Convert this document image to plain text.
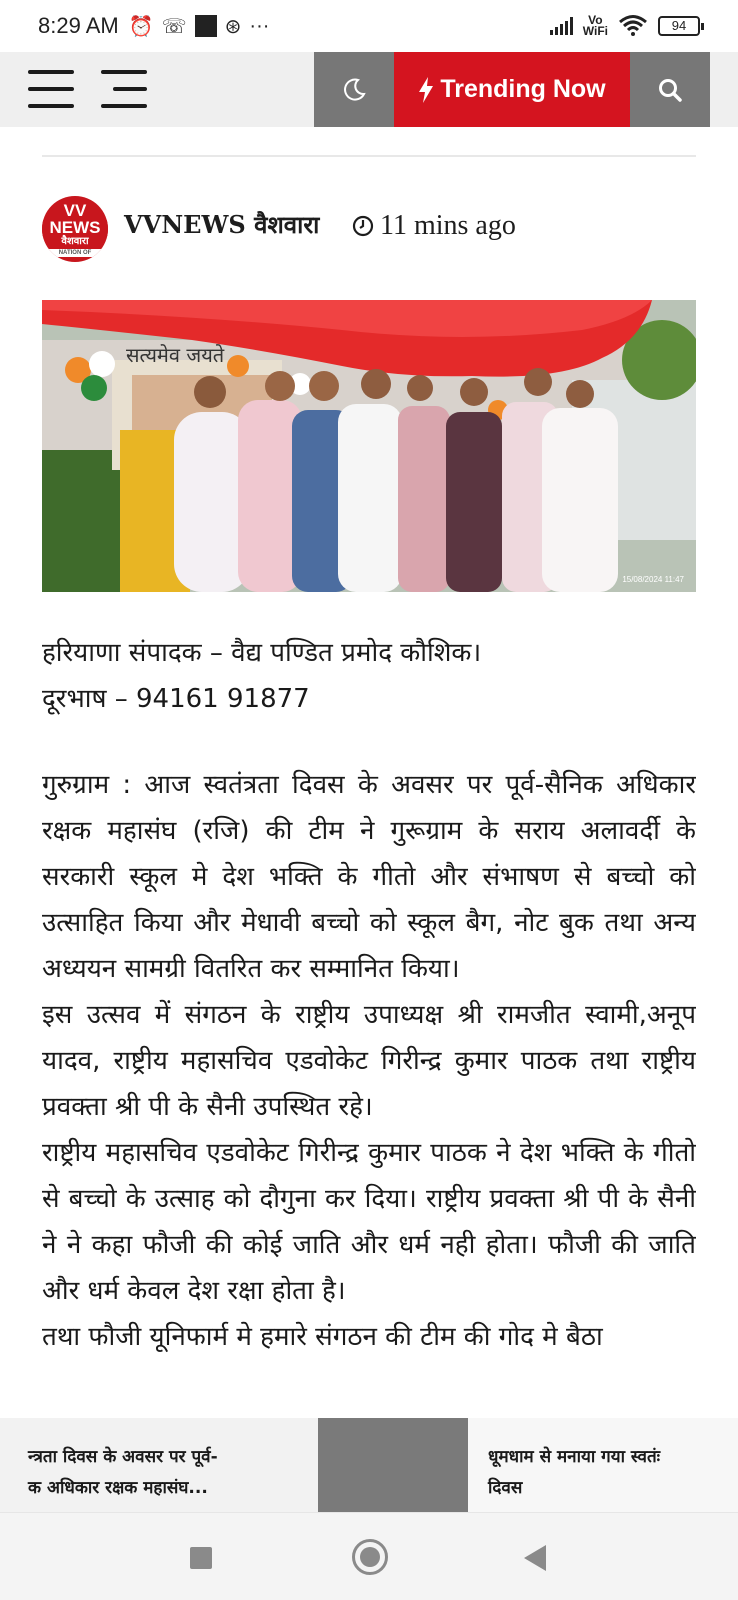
8:29 AM ⏰ ☏ ⊛ ···	Vo
WiFi	94
Trending Now
VV
NEWS
वैशवारा
NATION OF
VVNEWS वैशवारा 11 mins ago
सत्यमेव जयते
15/08/2024 11:47
हरियाणा संपादक – वैद्य पण्डित प्रमोद कौशिक।
दूरभाष – 94161 91877

गुरुग्राम : आज स्वतंत्रता दिवस के अवसर पर पूर्व-सैनिक अधिकार रक्षक महासंघ (रजि) की टीम ने गुरूग्राम के सराय अलावर्दी के सरकारी स्कूल मे देश भक्ति के गीतो और संभाषण से बच्चो को उत्साहित किया और मेधावी बच्चो को स्कूल बैग, नोट बुक तथा अन्य अध्ययन सामग्री वितरित कर सम्मानित किया।

इस उत्सव में संगठन के राष्ट्रीय उपाध्यक्ष श्री रामजीत स्वामी,अनूप यादव, राष्ट्रीय महासचिव एडवोकेट गिरीन्द्र कुमार पाठक तथा राष्ट्रीय प्रवक्ता श्री पी के सैनी उपस्थित रहे।

राष्ट्रीय महासचिव एडवोकेट गिरीन्द्र कुमार पाठक ने देश भक्ति के गीतो से बच्चो के उत्साह को दौगुना कर दिया। राष्ट्रीय प्रवक्ता श्री पी के सैनी ने ने कहा फौजी की कोई जाति और धर्म नही होता। फौजी की जाति और धर्म केवल देश रक्षा होता है।

तथा फौजी यूनिफार्म मे हमारे संगठन की टीम की गोद मे बैठा

न्त्रता दिवस के अवसर पर पूर्व-
क अधिकार रक्षक महासंघ...
धूमधाम से मनाया गया स्वतंः
दिवस
